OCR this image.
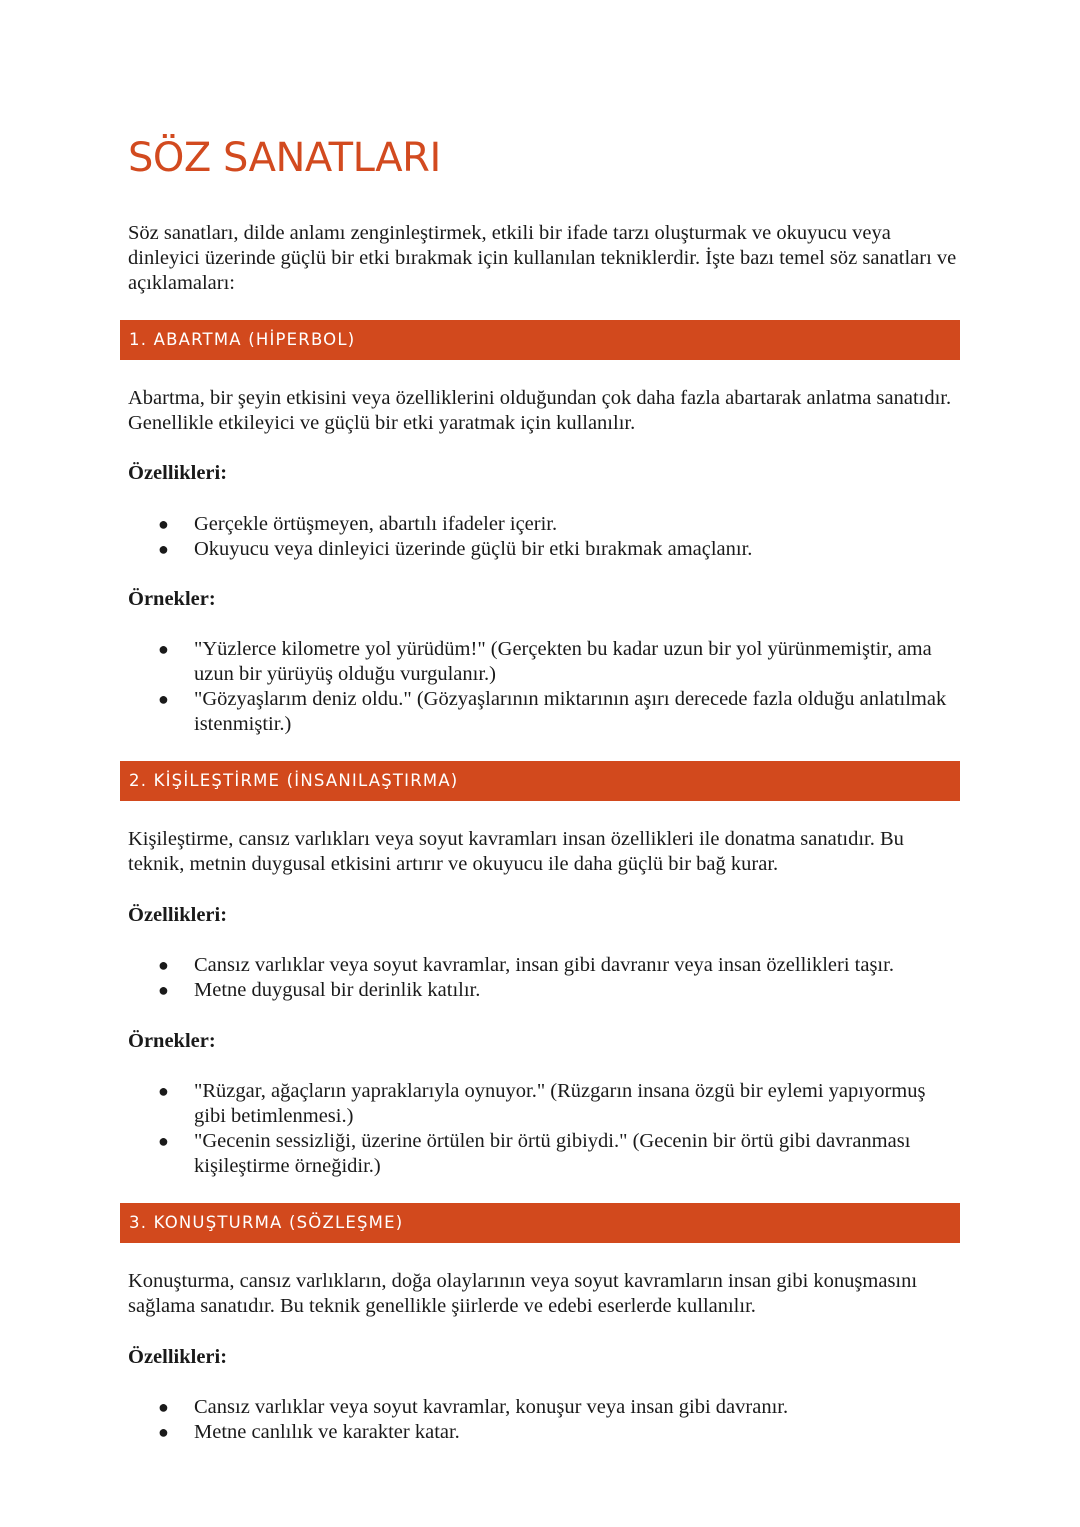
SÖZ SANATLARI

Söz sanatları, dilde anlamı zenginleştirmek, etkili bir ifade tarzı oluşturmak ve okuyucu veya dinleyici üzerinde güçlü bir etki bırakmak için kullanılan tekniklerdir. İşte bazı temel söz sanatları ve açıklamaları:

1. ABARTMA (HİPERBOL)

Abartma, bir şeyin etkisini veya özelliklerini olduğundan çok daha fazla abartarak anlatma sanatıdır. Genellikle etkileyici ve güçlü bir etki yaratmak için kullanılır.

Özellikleri:

●	Gerçekle örtüşmeyen, abartılı ifadeler içerir.
●	Okuyucu veya dinleyici üzerinde güçlü bir etki bırakmak amaçlanır.

Örnekler:

●	"Yüzlerce kilometre yol yürüdüm!" (Gerçekten bu kadar uzun bir yol yürünmemiştir, ama uzun bir yürüyüş olduğu vurgulanır.)
●	"Gözyaşlarım deniz oldu." (Gözyaşlarının miktarının aşırı derecede fazla olduğu anlatılmak istenmiştir.)
2. KİŞİLEŞTİRME (İNSANILAŞTIRMA)

Kişileştirme, cansız varlıkları veya soyut kavramları insan özellikleri ile donatma sanatıdır. Bu teknik, metnin duygusal etkisini artırır ve okuyucu ile daha güçlü bir bağ kurar.

Özellikleri:

●	Cansız varlıklar veya soyut kavramlar, insan gibi davranır veya insan özellikleri taşır.
●	Metne duygusal bir derinlik katılır.

Örnekler:

●	"Rüzgar, ağaçların yapraklarıyla oynuyor." (Rüzgarın insana özgü bir eylemi yapıyormuş gibi betimlenmesi.)
●	"Gecenin sessizliği, üzerine örtülen bir örtü gibiydi." (Gecenin bir örtü gibi davranması kişileştirme örneğidir.)
3. KONUŞTURMA (SÖZLEŞME)

Konuşturma, cansız varlıkların, doğa olaylarının veya soyut kavramların insan gibi konuşmasını sağlama sanatıdır. Bu teknik genellikle şiirlerde ve edebi eserlerde kullanılır.

Özellikleri:

●	Cansız varlıklar veya soyut kavramlar, konuşur veya insan gibi davranır.
●	Metne canlılık ve karakter katar.
